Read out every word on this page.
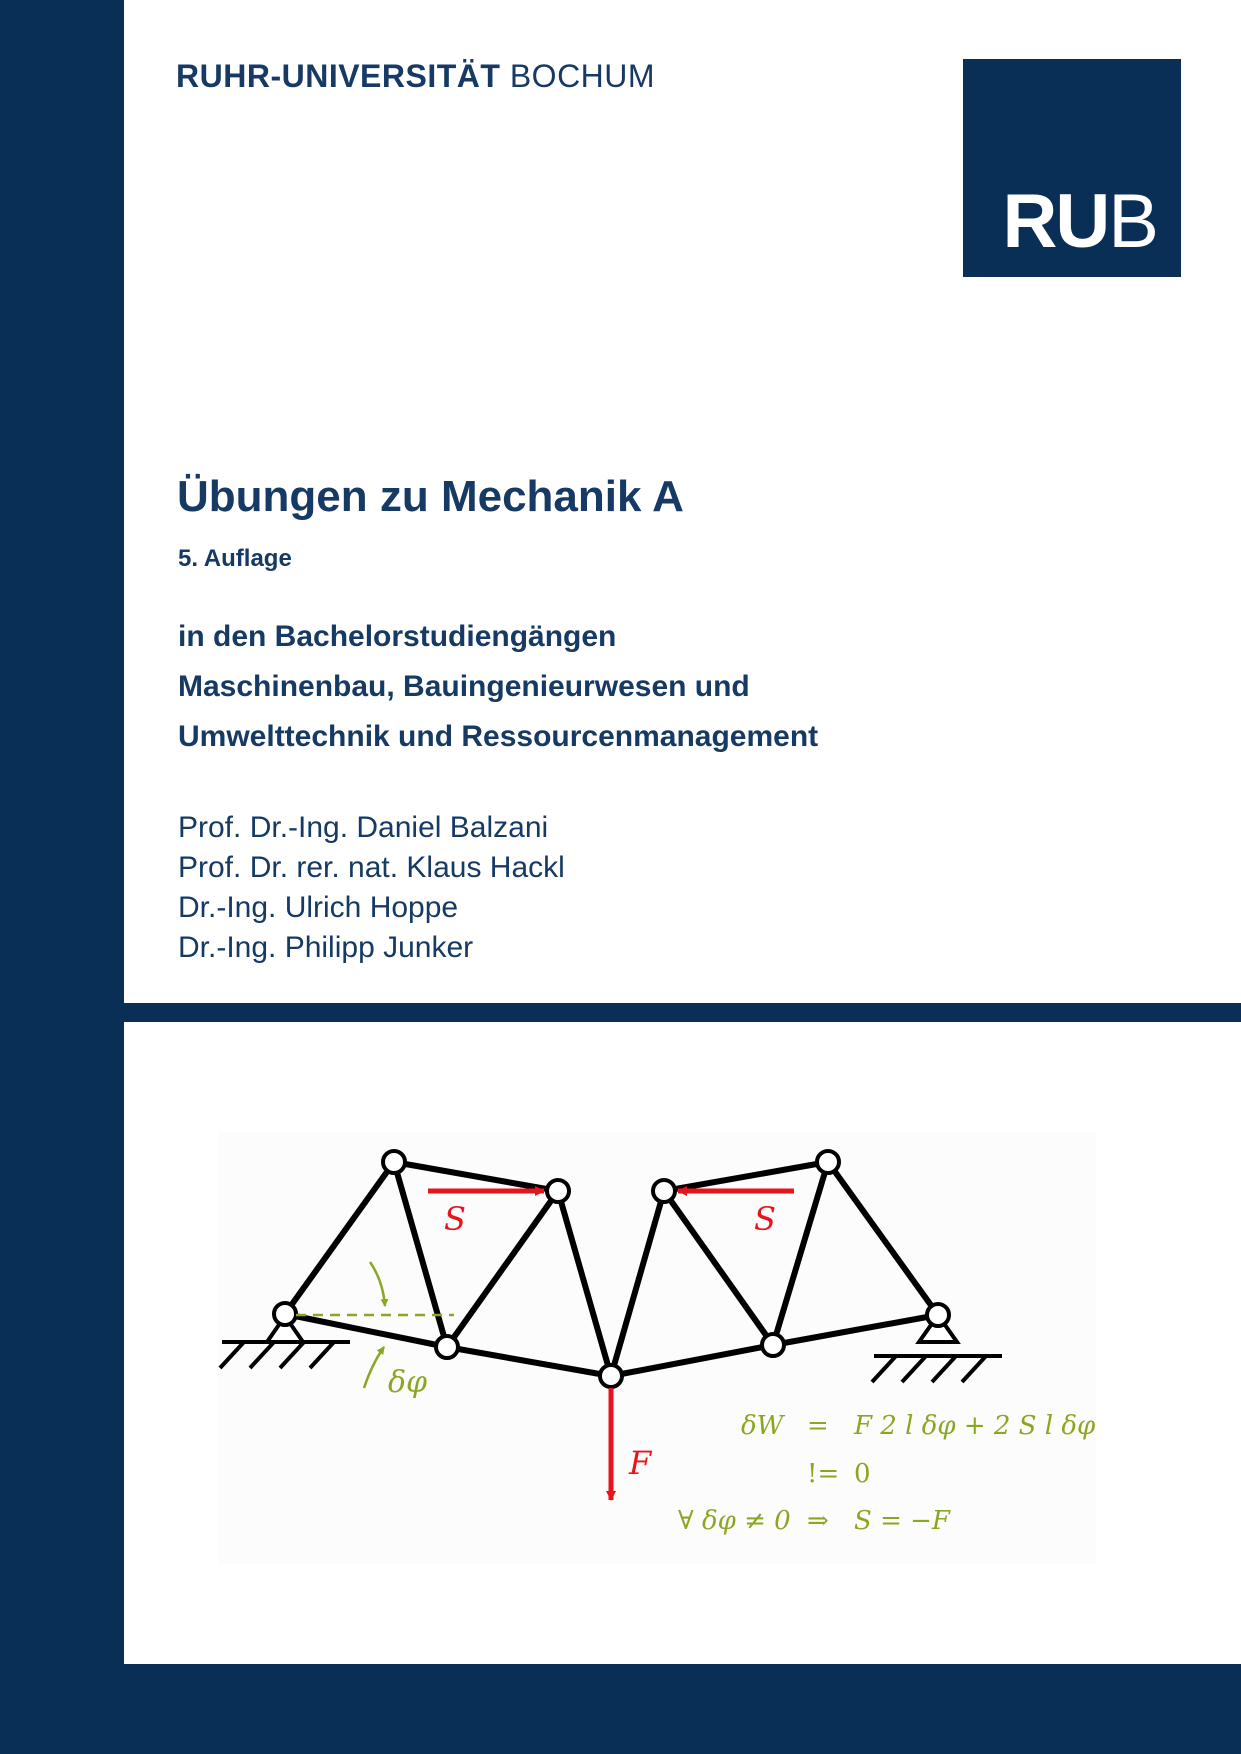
RUHR-UNIVERSITÄT BOCHUM
RUB
Übungen zu Mechanik A
5. Auflage
in den Bachelorstudiengängen
Maschinenbau, Bauingenieurwesen und
Umwelttechnik und Ressourcenmanagement
Prof. Dr.-Ing. Daniel Balzani
Prof. Dr. rer. nat. Klaus Hackl
Dr.-Ing. Ulrich Hoppe
Dr.-Ing. Philipp Junker
δφ
S	S
F
δW = F 2 l δφ + 2 S l δφ
!= 0
∀ δφ ≠ 0 ⇒ S = −F
